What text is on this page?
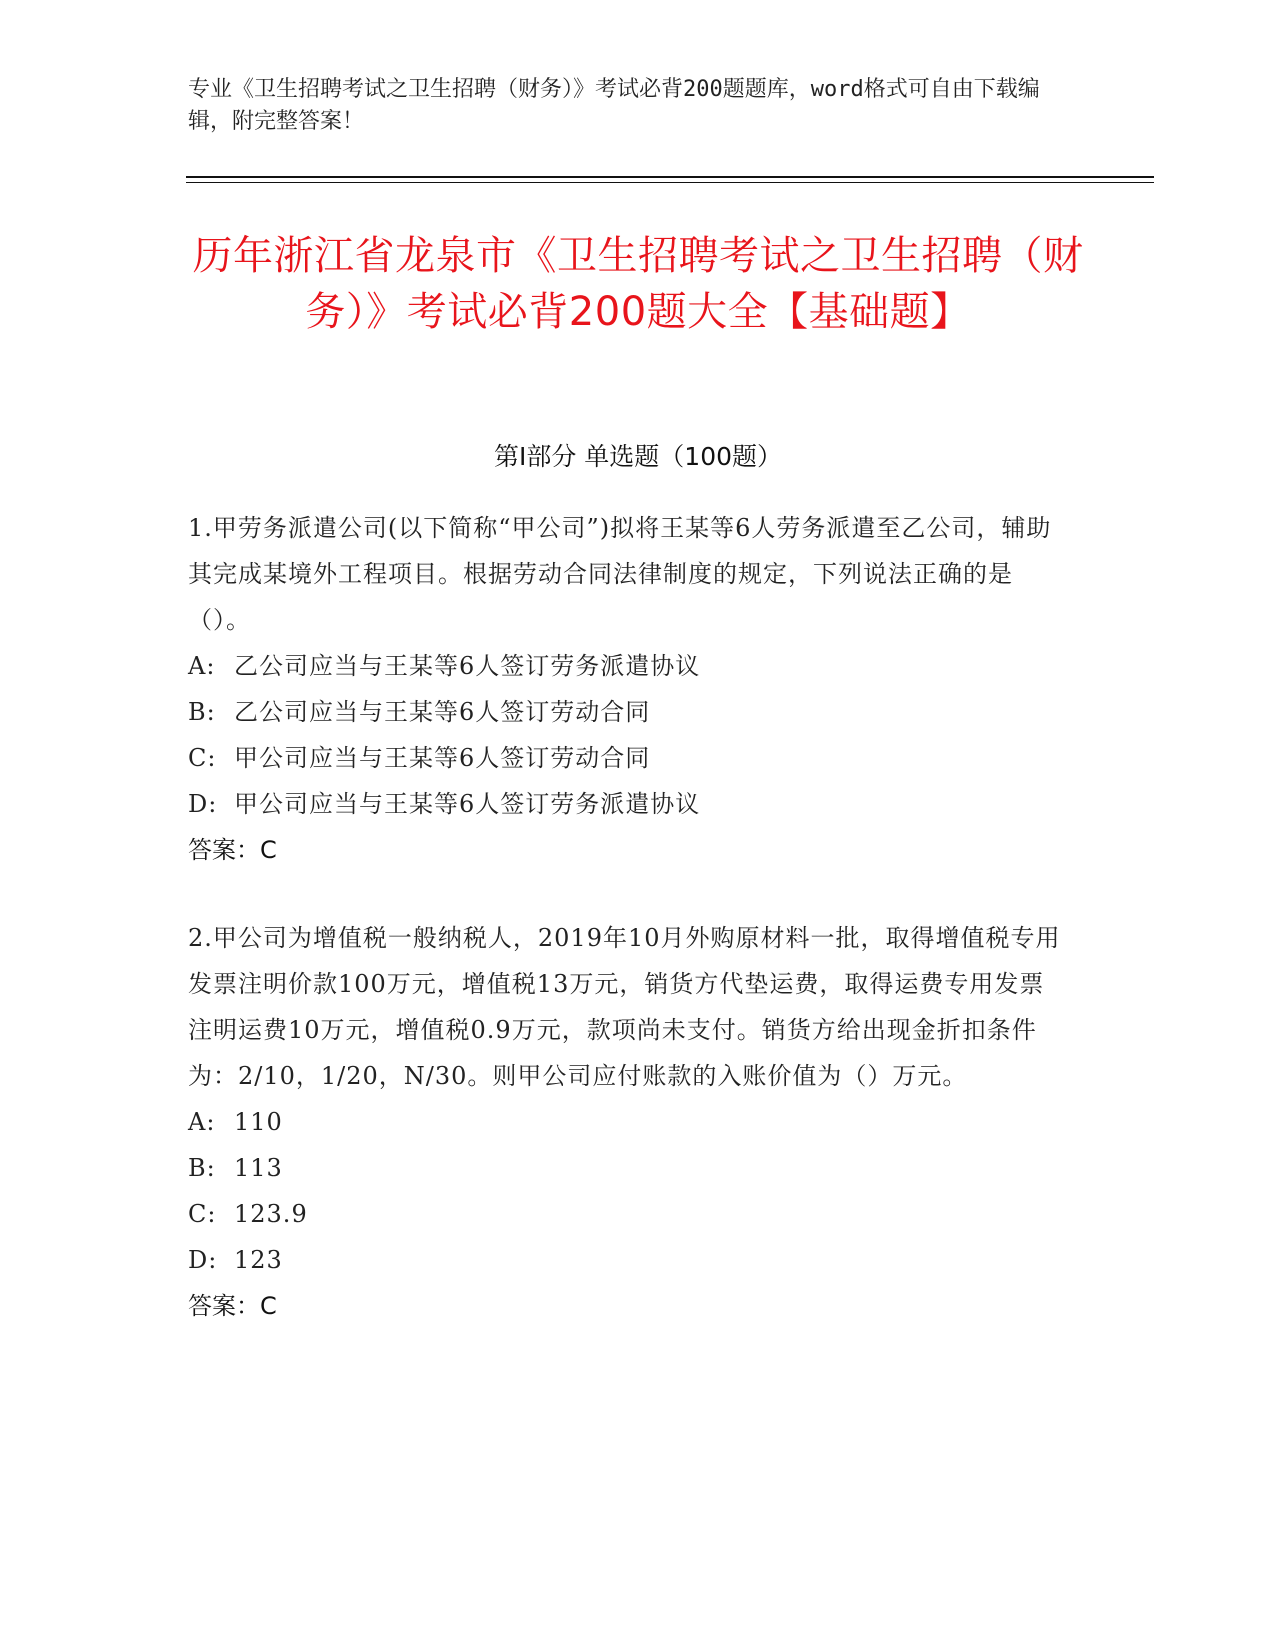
专业《卫生招聘考试之卫生招聘（财务）》考试必背200题题库，word格式可自由下载编辑，附完整答案！
历年浙江省龙泉市《卫生招聘考试之卫生招聘（财务）》考试必背200题大全【基础题】
第I部分 单选题（100题）
1.甲劳务派遣公司(以下简称“甲公司”)拟将王某等6人劳务派遣至乙公司，辅助其完成某境外工程项目。根据劳动合同法律制度的规定，下列说法正确的是（）。
A: 乙公司应当与王某等6人签订劳务派遣协议
B: 乙公司应当与王某等6人签订劳动合同
C: 甲公司应当与王某等6人签订劳动合同
D: 甲公司应当与王某等6人签订劳务派遣协议
答案：C
2.甲公司为增值税一般纳税人，2019年10月外购原材料一批，取得增值税专用发票注明价款100万元，增值税13万元，销货方代垫运费，取得运费专用发票注明运费10万元，增值税0.9万元，款项尚未支付。销货方给出现金折扣条件为：2/10，1/20，N/30。则甲公司应付账款的入账价值为（）万元。
A: 110
B: 113
C: 123.9
D: 123
答案：C
